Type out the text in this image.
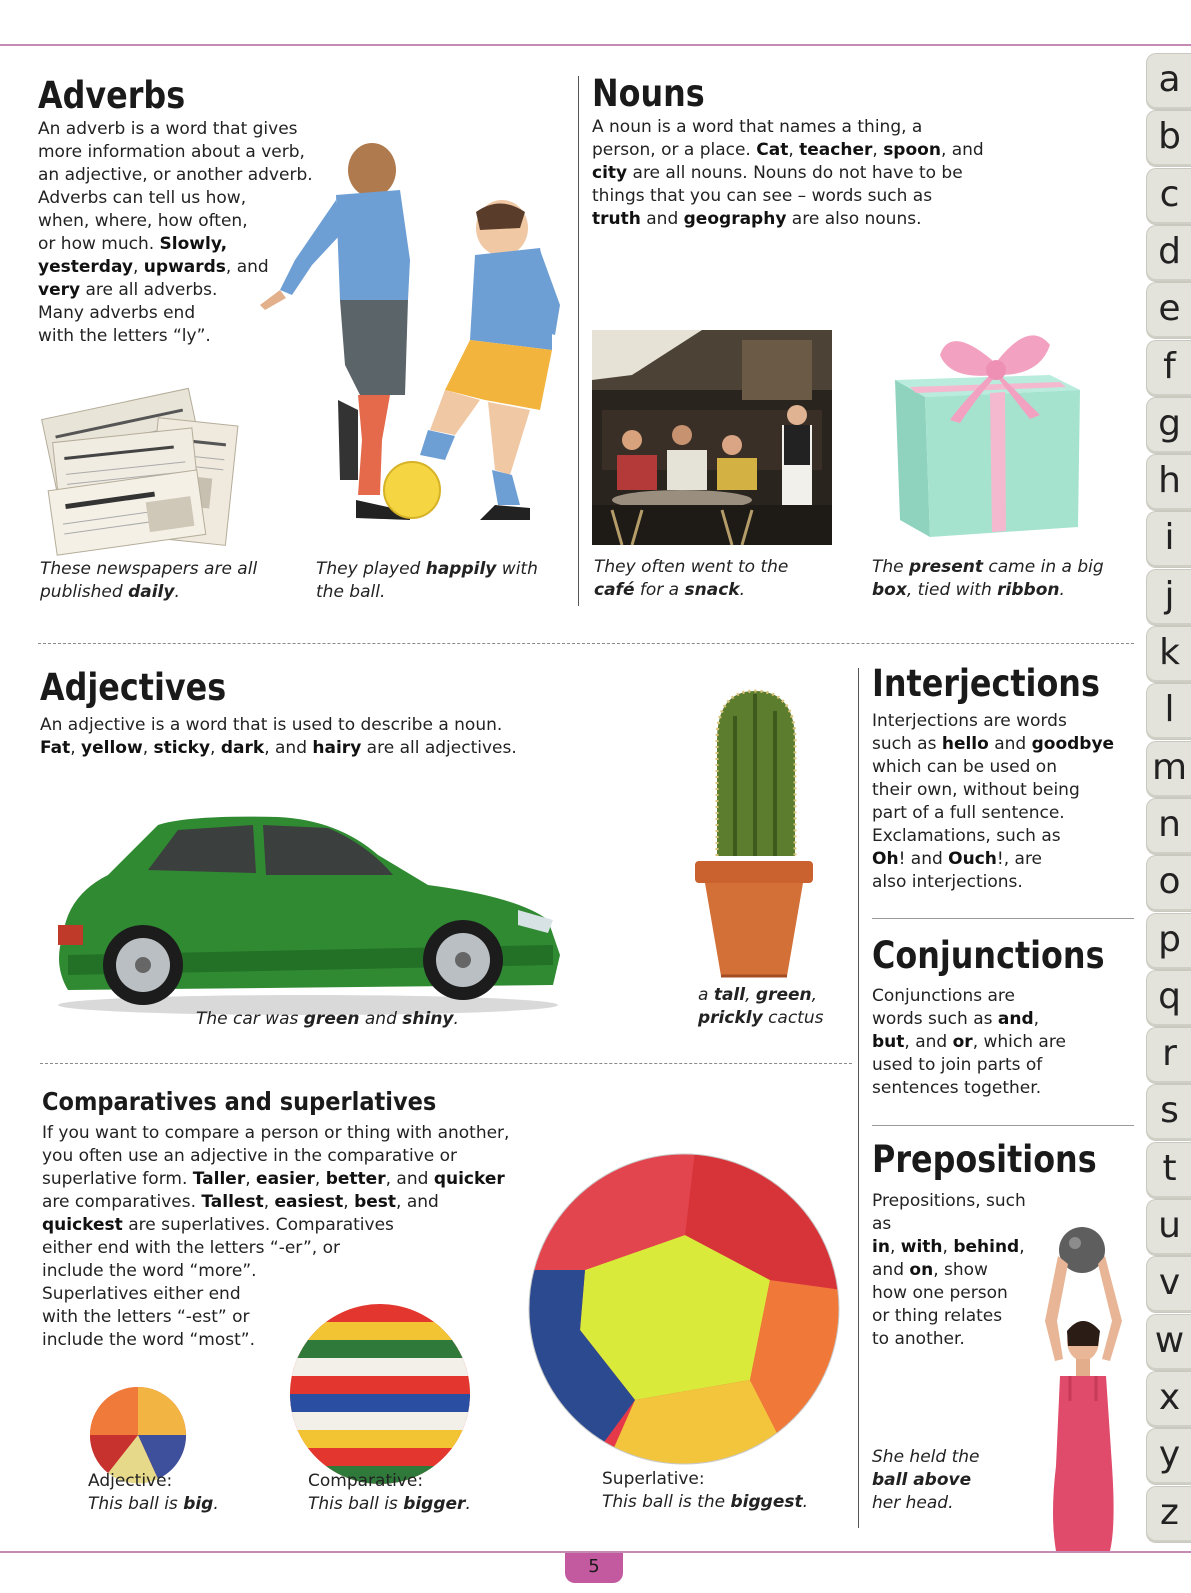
Adverbs
An adverb is a word that gives
more information about a verb,
an adjective, or another adverb.
Adverbs can tell us how,
when, where, how often,
or how much. Slowly,
yesterday, upwards, and
very are all adverbs.
Many adverbs end
with the letters “ly”.
These newspapers are all
published daily.
They played happily with
the ball.
Nouns
A noun is a word that names a thing, a
person, or a place. Cat, teacher, spoon, and
city are all nouns. Nouns do not have to be
things that you can see – words such as
truth and geography are also nouns.
They often went to the
café for a snack.
The present came in a big
box, tied with ribbon.
Adjectives
An adjective is a word that is used to describe a noun.
Fat, yellow, sticky, dark, and hairy are all adjectives.
The car was green and shiny.
a tall, green,
prickly cactus
Comparatives and superlatives
If you want to compare a person or thing with another,
you often use an adjective in the comparative or
superlative form. Taller, easier, better, and quicker
are comparatives. Tallest, easiest, best, and
quickest are superlatives. Comparatives
either end with the letters “-er”, or
include the word “more”.
Superlatives either end
with the letters “-est” or
include the word “most”.
Adjective:
This ball is big.
Comparative:
This ball is bigger.
Superlative:
This ball is the biggest.
Interjections
Interjections are words
such as hello and goodbye
which can be used on
their own, without being
part of a full sentence.
Exclamations, such as
Oh! and Ouch!, are
also interjections.
Conjunctions
Conjunctions are
words such as and,
but, and or, which are
used to join parts of
sentences together.
Prepositions
Prepositions, such as
in, with, behind,
and on, show
how one person
or thing relates
to another.
She held the
ball above
her head.
a
b
c
d
e
f
g
h
i
j
k
l
m
n
o
p
q
r
s
t
u
v
w
x
y
z
5
